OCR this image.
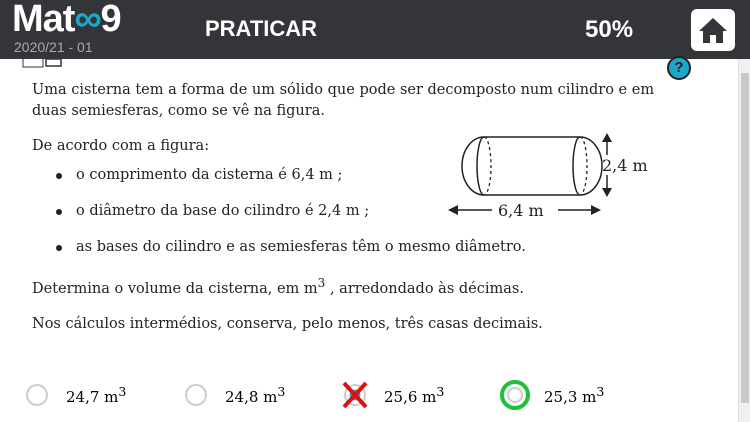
Mat∞9
2020/21 - 01
PRATICAR	50%
?

Uma cisterna tem a forma de um sólido que pode ser decomposto num cilindro e em duas semiesferas, como se vê na figura.

De acordo com a figura:

o comprimento da cisterna é 6,4 m ;
o diâmetro da base do cilindro é 2,4 m ;
as bases do cilindro e as semiesferas têm o mesmo diâmetro.

Determina o volume da cisterna, em $m^3$ , arredondado às décimas.

Nos cálculos intermédios, conserva, pelo menos, três casas decimais.

2,4 m
6,4 m
24,7 $m^3$	24,8 $m^3$	25,6 $m^3$	25,3 $m^3$
